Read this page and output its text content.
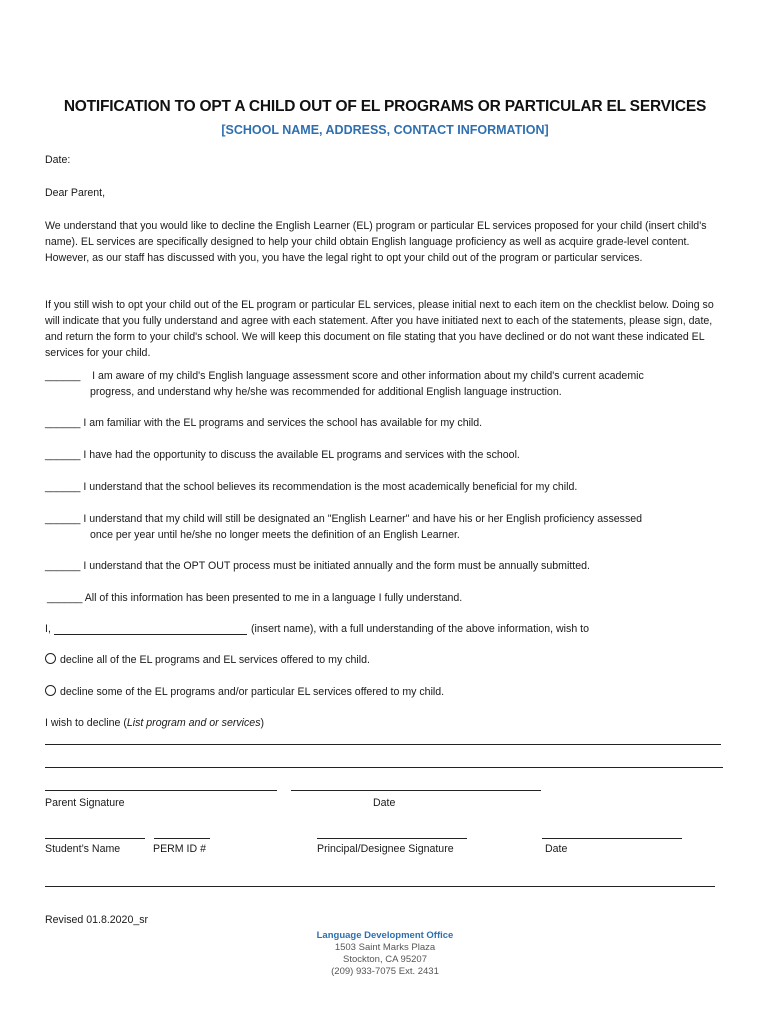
NOTIFICATION TO OPT A CHILD OUT OF EL PROGRAMS OR PARTICULAR EL SERVICES
[SCHOOL NAME, ADDRESS, CONTACT INFORMATION]
Date:
Dear Parent,
We understand that you would like to decline the English Learner (EL) program or particular EL services proposed for your child (insert child's name). EL services are specifically designed to help your child obtain English language proficiency as well as acquire grade-level content. However, as our staff has discussed with you, you have the legal right to opt your child out of the program or particular services.
If you still wish to opt your child out of the EL program or particular EL services, please initial next to each item on the checklist below. Doing so will indicate that you fully understand and agree with each statement. After you have initiated next to each of the statements, please sign, date, and return the form to your child's school. We will keep this document on file stating that you have declined or do not want these indicated EL services for your child.
______ I am aware of my child's English language assessment score and other information about my child's current academic
progress, and understand why he/she was recommended for additional English language instruction.
______ I am familiar with the EL programs and services the school has available for my child.
______ I have had the opportunity to discuss the available EL programs and services with the school.
______ I understand that the school believes its recommendation is the most academically beneficial for my child.
______ I understand that my child will still be designated an "English Learner" and have his or her English proficiency assessed
once per year until he/she no longer meets the definition of an English Learner.
______ I understand that the OPT OUT process must be initiated annually and the form must be annually submitted.
______ All of this information has been presented to me in a language I fully understand.
I,	(insert name), with a full understanding of the above information, wish to
decline all of the EL programs and EL services offered to my child.
decline some of the EL programs and/or particular EL services offered to my child.
I wish to decline (List program and or services)
Parent Signature	Date
Student’s Name	PERM ID #	Principal/Designee Signature	Date
Revised 01.8.2020_sr
Language Development Office
1503 Saint Marks Plaza
Stockton, CA 95207
(209) 933-7075 Ext. 2431
